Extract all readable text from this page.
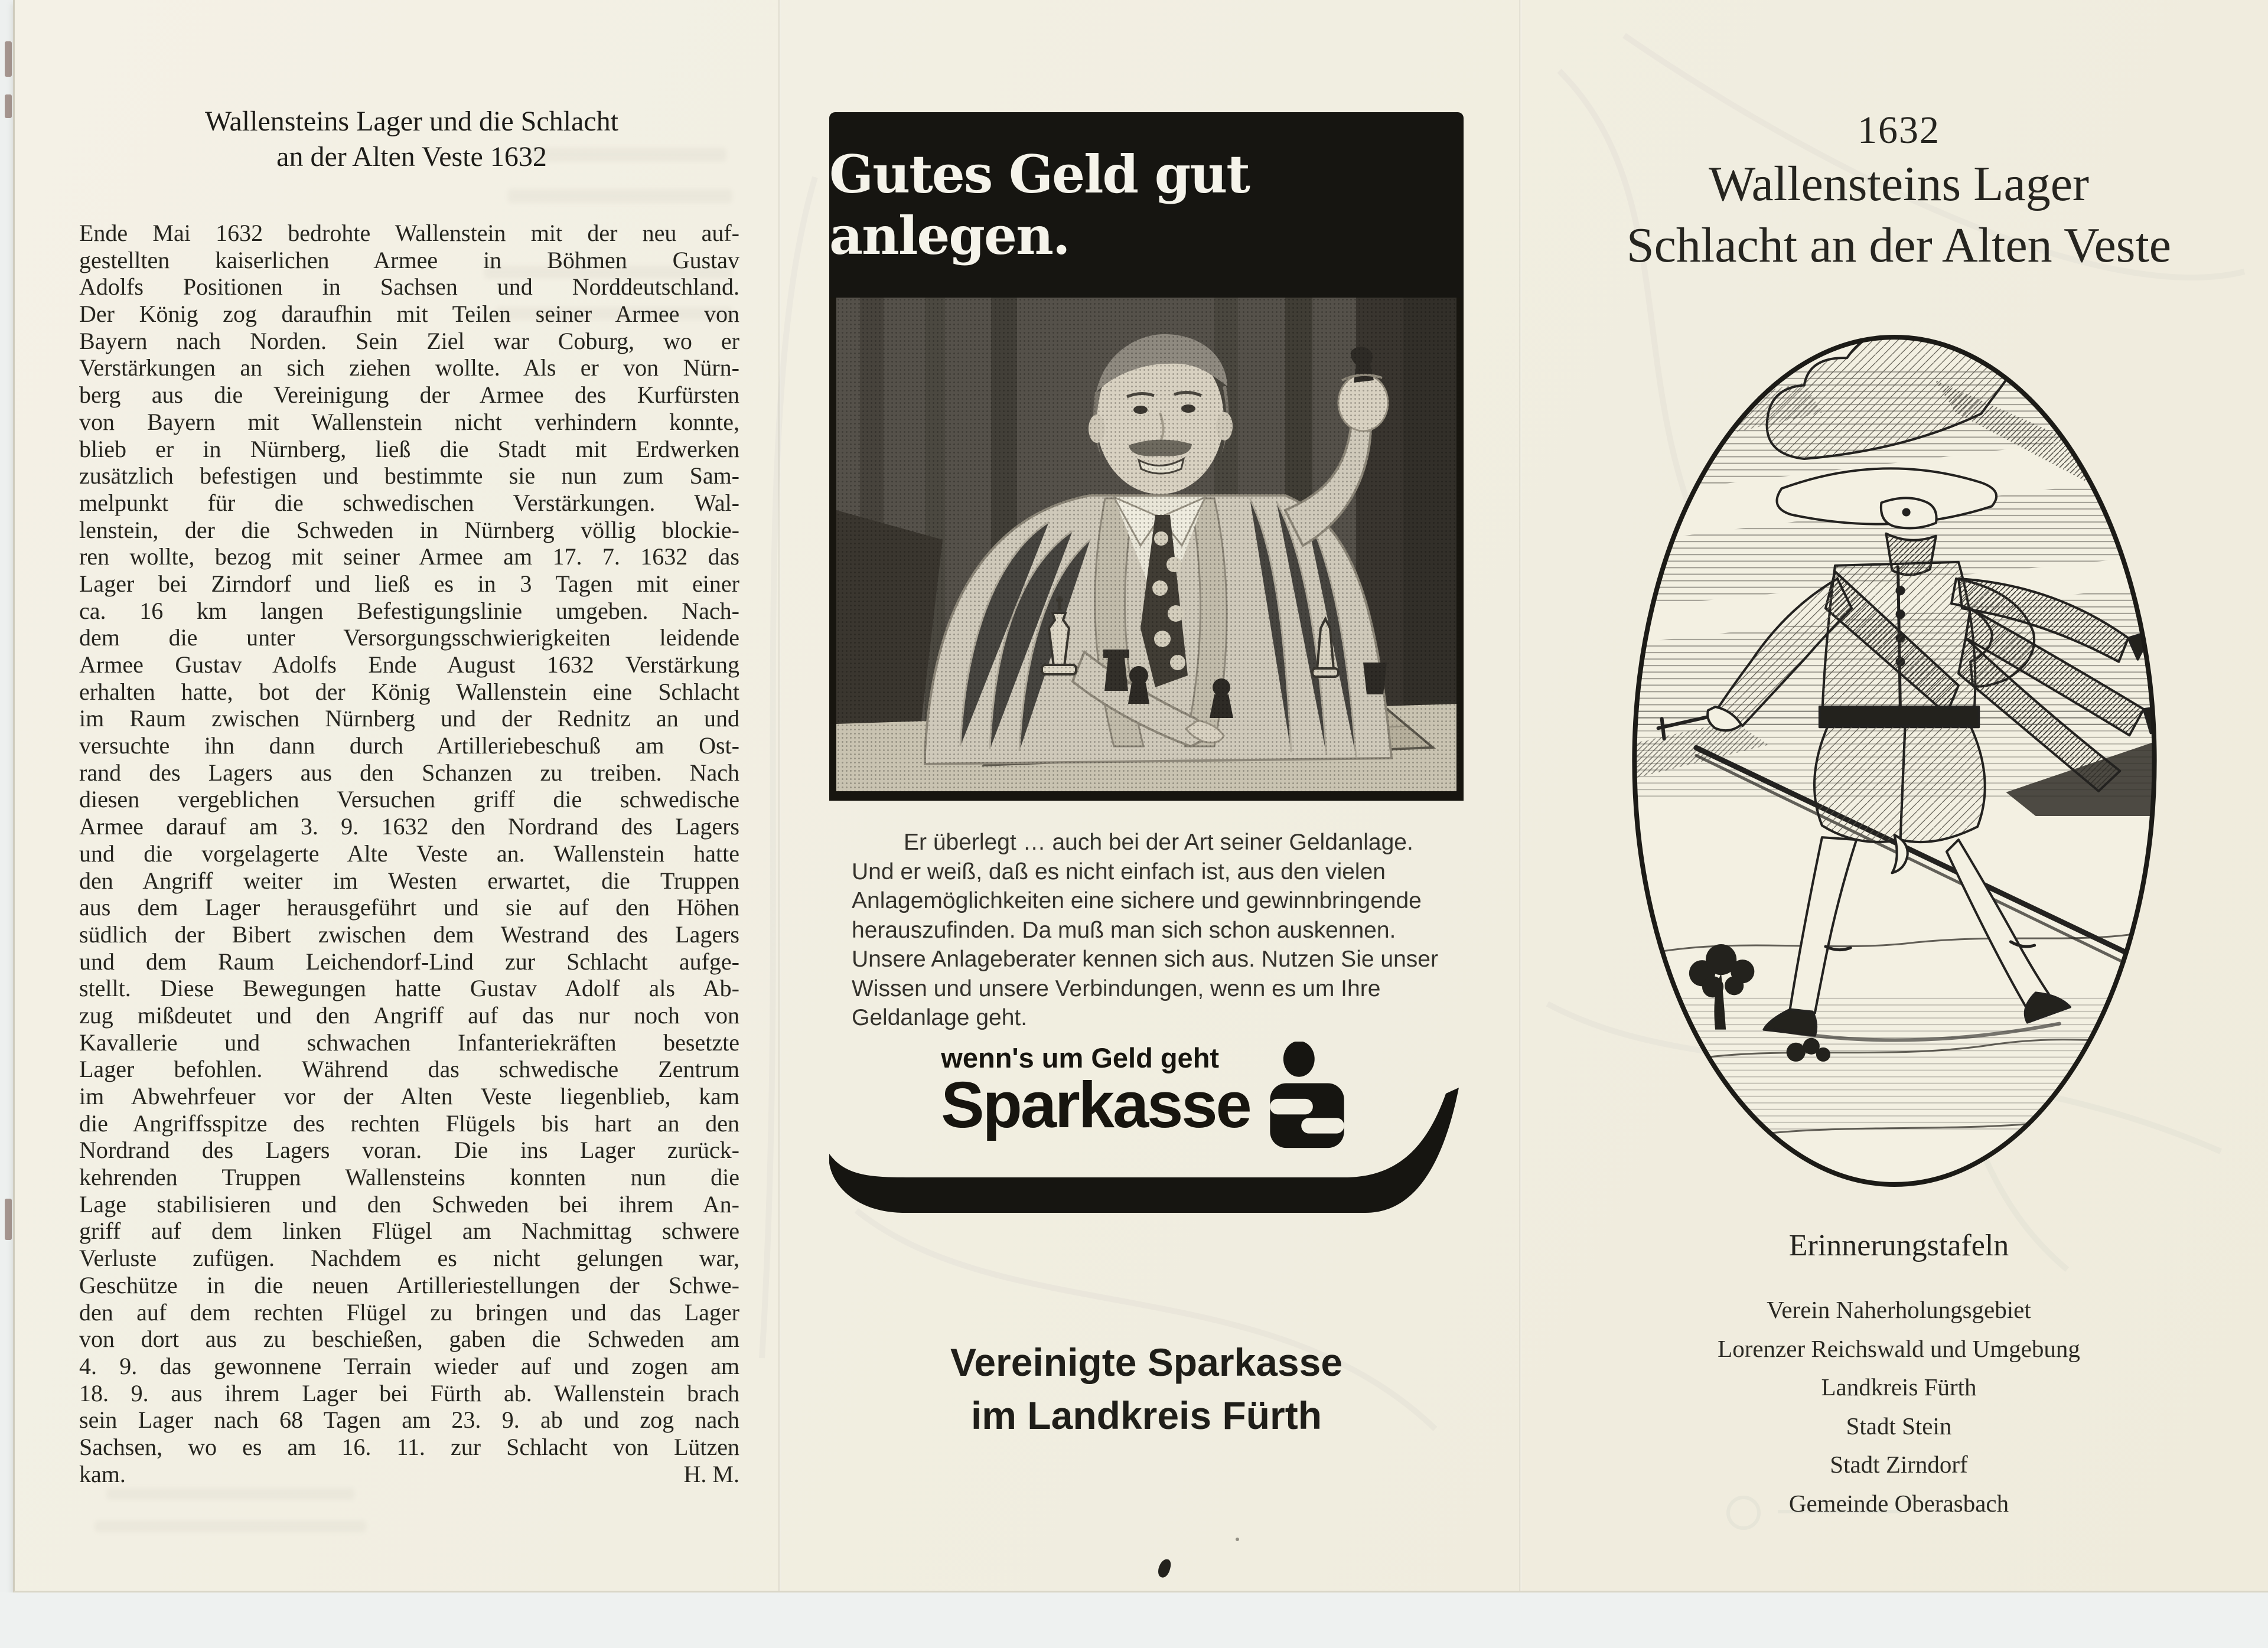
Wallensteins Lager und die Schlacht
an der Alten Veste 1632
Ende Mai 1632 bedrohte Wallenstein mit der neu auf-
gestellten kaiserlichen Armee in Böhmen Gustav
Adolfs Positionen in Sachsen und Norddeutschland.
Der König zog daraufhin mit Teilen seiner Armee von
Bayern nach Norden. Sein Ziel war Coburg, wo er
Verstärkungen an sich ziehen wollte. Als er von Nürn-
berg aus die Vereinigung der Armee des Kurfürsten
von Bayern mit Wallenstein nicht verhindern konnte,
blieb er in Nürnberg, ließ die Stadt mit Erdwerken
zusätzlich befestigen und bestimmte sie nun zum Sam-
melpunkt für die schwedischen Verstärkungen. Wal-
lenstein, der die Schweden in Nürnberg völlig blockie-
ren wollte, bezog mit seiner Armee am 17. 7. 1632 das
Lager bei Zirndorf und ließ es in 3 Tagen mit einer
ca. 16 km langen Befestigungslinie umgeben. Nach-
dem die unter Versorgungsschwierigkeiten leidende
Armee Gustav Adolfs Ende August 1632 Verstärkung
erhalten hatte, bot der König Wallenstein eine Schlacht
im Raum zwischen Nürnberg und der Rednitz an und
versuchte ihn dann durch Artilleriebeschuß am Ost-
rand des Lagers aus den Schanzen zu treiben. Nach
diesen vergeblichen Versuchen griff die schwedische
Armee darauf am 3. 9. 1632 den Nordrand des Lagers
und die vorgelagerte Alte Veste an. Wallenstein hatte
den Angriff weiter im Westen erwartet, die Truppen
aus dem Lager herausgeführt und sie auf den Höhen
südlich der Bibert zwischen dem Westrand des Lagers
und dem Raum Leichendorf-Lind zur Schlacht aufge-
stellt. Diese Bewegungen hatte Gustav Adolf als Ab-
zug mißdeutet und den Angriff auf das nur noch von
Kavallerie und schwachen Infanteriekräften besetzte
Lager befohlen. Während das schwedische Zentrum
im Abwehrfeuer vor der Alten Veste liegenblieb, kam
die Angriffsspitze des rechten Flügels bis hart an den
Nordrand des Lagers voran. Die ins Lager zurück-
kehrenden Truppen Wallensteins konnten nun die
Lage stabilisieren und den Schweden bei ihrem An-
griff auf dem linken Flügel am Nachmittag schwere
Verluste zufügen. Nachdem es nicht gelungen war,
Geschütze in die neuen Artilleriestellungen der Schwe-
den auf dem rechten Flügel zu bringen und das Lager
von dort aus zu beschießen, gaben die Schweden am
4. 9. das gewonnene Terrain wieder auf und zogen am
18. 9. aus ihrem Lager bei Fürth ab. Wallenstein brach
sein Lager nach 68 Tagen am 23. 9. ab und zog nach
Sachsen, wo es am 16. 11. zur Schlacht von Lützen
kam.	H. M.
Gutes Geld gut anlegen.
Er überlegt … auch bei der Art seiner Geldanlage.
Und er weiß, daß es nicht einfach ist, aus den vielen
Anlagemöglichkeiten eine sichere und gewinnbringende
herauszufinden. Da muß man sich schon auskennen.
Unsere Anlageberater kennen sich aus. Nutzen Sie unser
Wissen und unsere Verbindungen, wenn es um Ihre
Geldanlage geht.
wenn's um Geld geht
Sparkasse
Vereinigte Sparkasse
im Landkreis Fürth
1632
Wallensteins Lager
Schlacht an der Alten Veste
Erinnerungstafeln
Verein Naherholungsgebiet
Lorenzer Reichswald und Umgebung
Landkreis Fürth
Stadt Stein
Stadt Zirndorf
Gemeinde Oberasbach
